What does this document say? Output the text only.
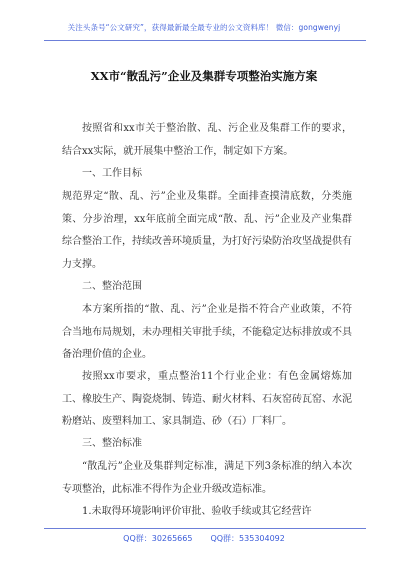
关注头条号“公文研究”，获得最新最全最专业的公文资料库！ 微信：gongwenyj
XX市“散乱污”企业及集群专项整治实施方案

按照省和xx市关于整治散、乱、污企业及集群工作的要求，结合xx实际，就开展集中整治工作，制定如下方案。

一、工作目标

规范界定“散、乱、污”企业及集群。全面排查摸清底数，分类施策、分步治理，xx年底前全面完成“散、乱、污”企业及产业集群综合整治工作，持续改善环境质量，为打好污染防治攻坚战提供有力支撑。

二、整治范围

本方案所指的“散、乱、污”企业是指不符合产业政策，不符合当地布局规划，未办理相关审批手续，不能稳定达标排放或不具备治理价值的企业。

按照xx市要求，重点整治11个行业企业：有色金属熔炼加工、橡胶生产、陶瓷烧制、铸造、耐火材料、石灰窑砖瓦窑、水泥粉磨站、废塑料加工、家具制造、砂（石）厂料厂。

三、整治标准

“散乱污”企业及集群判定标准，满足下列3条标准的纳入本次专项整治，此标准不得作为企业升级改造标准。

1.未取得环境影响评价审批、验收手续或其它经营许
QQ群：30265665 QQ群：535304092
